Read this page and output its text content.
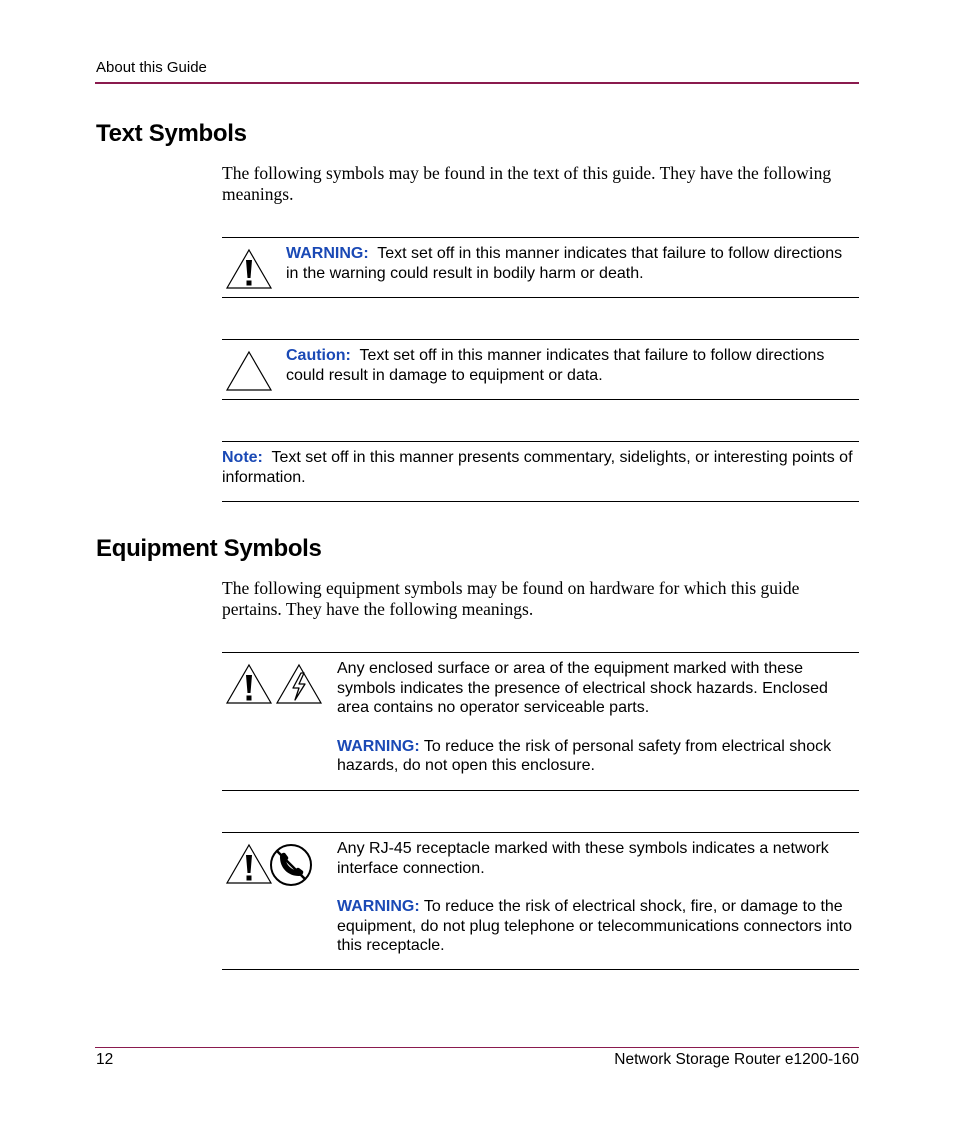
About this Guide
Text Symbols

The following symbols may be found in the text of this guide. They have the following meanings.

WARNING: Text set off in this manner indicates that failure to follow directions in the warning could result in bodily harm or death.

Caution: Text set off in this manner indicates that failure to follow directions could result in damage to equipment or data.

Note: Text set off in this manner presents commentary, sidelights, or interesting points of information.

Equipment Symbols

The following equipment symbols may be found on hardware for which this guide pertains. They have the following meanings.

Any enclosed surface or area of the equipment marked with these symbols indicates the presence of electrical shock hazards. Enclosed area contains no operator serviceable parts.
WARNING: To reduce the risk of personal safety from electrical shock hazards, do not open this enclosure.
Any RJ-45 receptacle marked with these symbols indicates a network interface connection.
WARNING: To reduce the risk of electrical shock, fire, or damage to the equipment, do not plug telephone or telecommunications connectors into this receptacle.
12	Network Storage Router e1200-160
